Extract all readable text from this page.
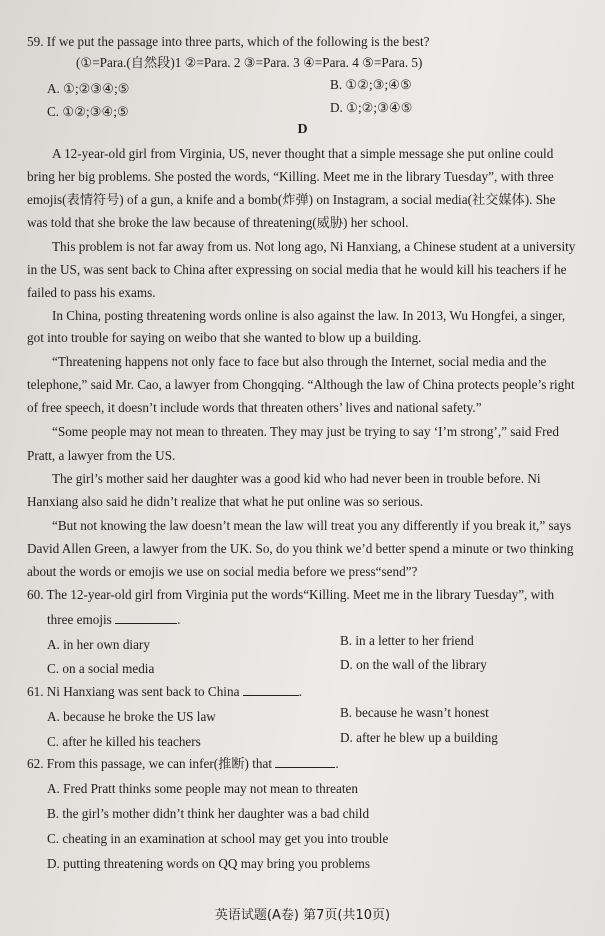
59. If we put the passage into three parts, which of the following is the best?
(①=Para.(自然段)1 ②=Para. 2 ③=Para. 3 ④=Para. 4 ⑤=Para. 5)
A. ①;②③④;⑤	B. ①②;③;④⑤
C. ①②;③④;⑤	D. ①;②;③④⑤
D
A 12-year-old girl from Virginia, US, never thought that a simple message she put online could
bring her big problems. She posted the words, “Killing. Meet me in the library Tuesday”, with three
emojis(表情符号) of a gun, a knife and a bomb(炸弹) on Instagram, a social media(社交媒体). She
was told that she broke the law because of threatening(威胁) her school.
This problem is not far away from us. Not long ago, Ni Hanxiang, a Chinese student at a university
in the US, was sent back to China after expressing on social media that he would kill his teachers if he
failed to pass his exams.
In China, posting threatening words online is also against the law. In 2013, Wu Hongfei, a singer,
got into trouble for saying on weibo that she wanted to blow up a building.
“Threatening happens not only face to face but also through the Internet, social media and the
telephone,” said Mr. Cao, a lawyer from Chongqing. “Although the law of China protects people’s right
of free speech, it doesn’t include words that threaten others’ lives and national safety.”
“Some people may not mean to threaten. They may just be trying to say ‘I’m strong’,” said Fred
Pratt, a lawyer from the US.
The girl’s mother said her daughter was a good kid who had never been in trouble before. Ni
Hanxiang also said he didn’t realize that what he put online was so serious.
“But not knowing the law doesn’t mean the law will treat you any differently if you break it,” says
David Allen Green, a lawyer from the UK. So, do you think we’d better spend a minute or two thinking
about the words or emojis we use on social media before we press“send”?
60. The 12-year-old girl from Virginia put the words“Killing. Meet me in the library Tuesday”, with
three emojis	.
A. in her own diary	B. in a letter to her friend
C. on a social media	D. on the wall of the library
61. Ni Hanxiang was sent back to China	.
A. because he broke the US law	B. because he wasn’t honest
C. after he killed his teachers	D. after he blew up a building
62. From this passage, we can infer(推断) that	.
A. Fred Pratt thinks some people may not mean to threaten
B. the girl’s mother didn’t think her daughter was a bad child
C. cheating in an examination at school may get you into trouble
D. putting threatening words on QQ may bring you problems
英语试题(A卷) 第7页(共10页)
